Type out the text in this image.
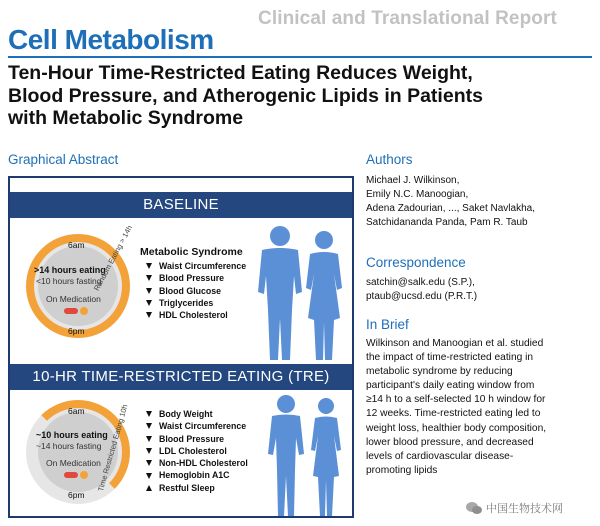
Clinical and Translational Report
Cell Metabolism
Ten-Hour Time-Restricted Eating Reduces Weight,
Blood Pressure, and Atherogenic Lipids in Patients
with Metabolic Syndrome
Graphical Abstract
BASELINE
6am
>14 hours eating
<10 hours fasting
On Medication
6pm
Random Eating > 14h Metabolic Syndrome
Waist Circumference
Blood Pressure
Blood Glucose
Triglycerides
HDL Cholesterol
10-HR TIME-RESTRICTED EATING (TRE)
6am
~10 hours eating
~14 hours fasting
On Medication
6pm
Time Restricted Eating 10h	Body Weight
Waist Circumference
Blood Pressure
LDL Cholesterol
Non-HDL Cholesterol
Hemoglobin A1C
Restful Sleep
Authors
Michael J. Wilkinson,
Emily N.C. Manoogian,
Adena Zadourian, ..., Saket Navlakha,
Satchidananda Panda, Pam R. Taub
Correspondence
satchin@salk.edu (S.P.),
ptaub@ucsd.edu (P.R.T.)
In Brief
Wilkinson and Manoogian et al. studied
the impact of time-restricted eating in
metabolic syndrome by reducing
participant's daily eating window from
≥14 h to a self-selected 10 h window for
12 weeks. Time-restricted eating led to
weight loss, healthier body composition,
lower blood pressure, and decreased
levels of cardiovascular disease-
promoting lipids
中国生物技术网
